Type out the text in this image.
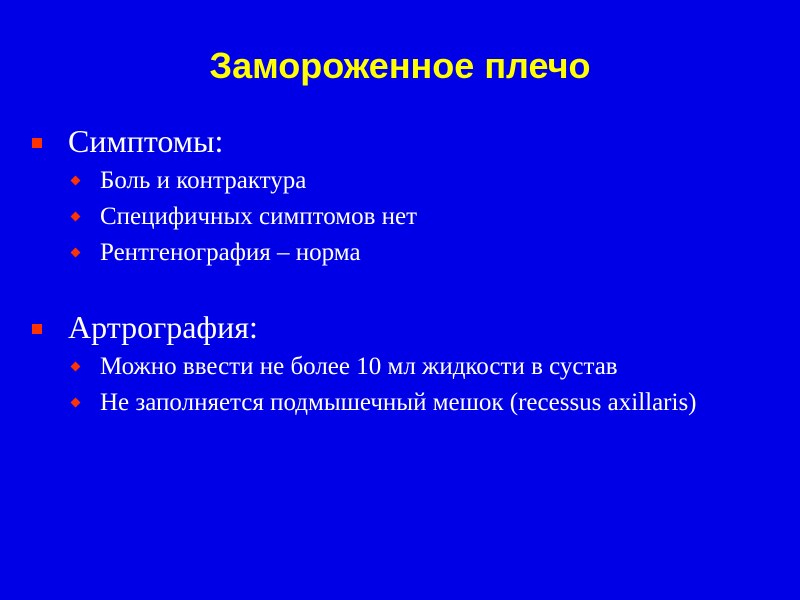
Замороженное плечо
Симптомы:
Боль и контрактура
Специфичных симптомов нет
Рентгенография – норма
Артрография:
Можно ввести не более 10 мл жидкости в сустав
Не заполняется подмышечный мешок (recessus axillaris)
